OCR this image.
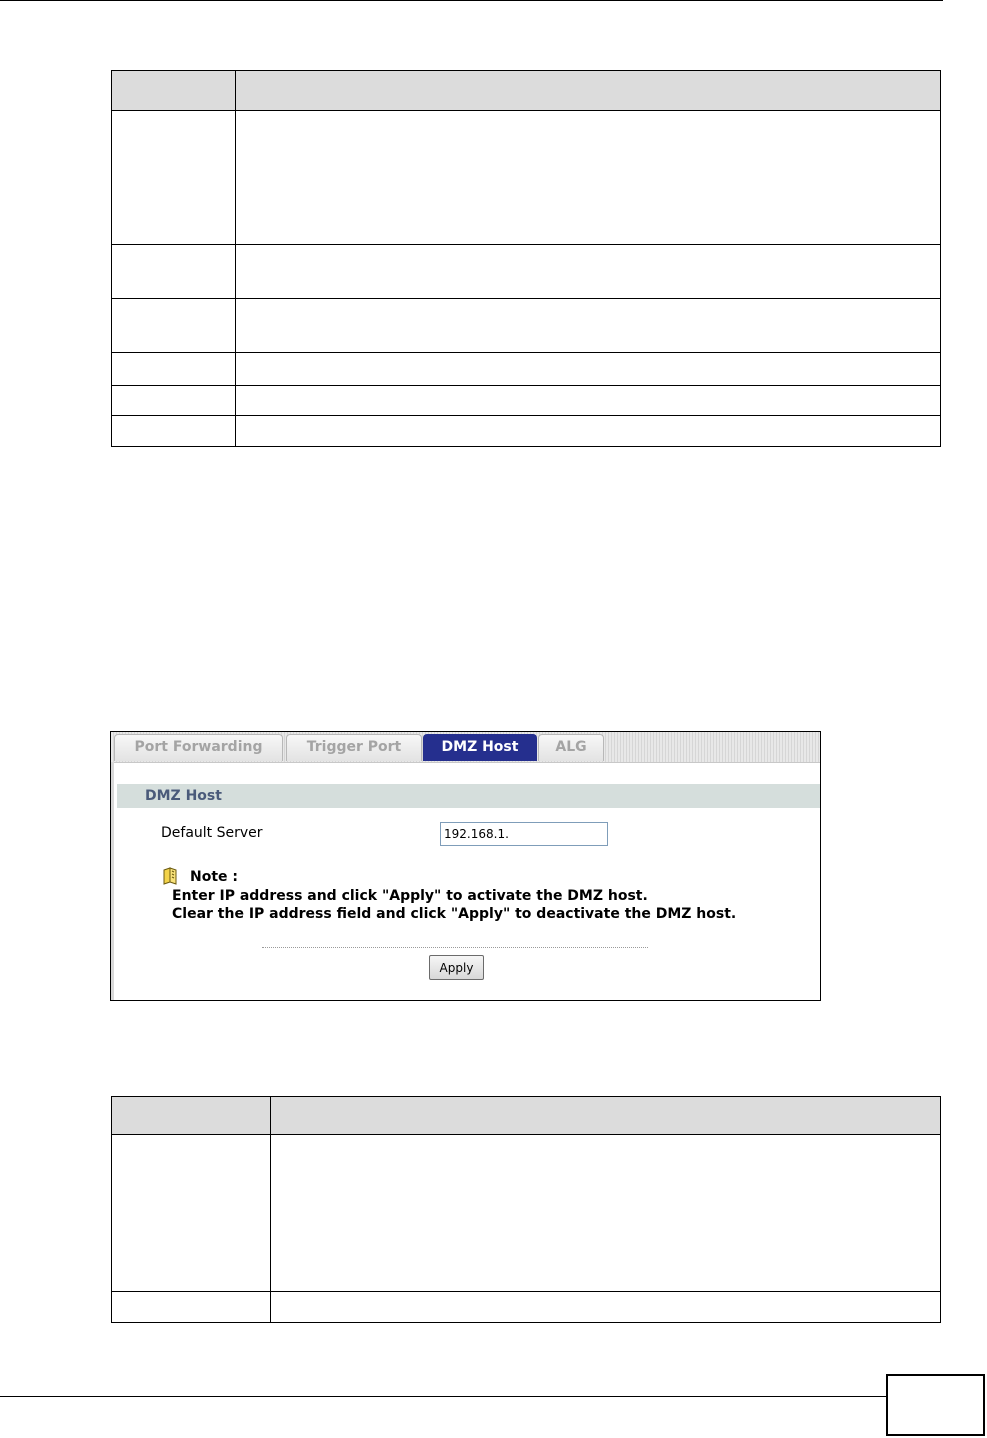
Port Forwarding	Trigger Port	DMZ Host	ALG
DMZ Host
Default Server
192.168.1.
Note :
Enter IP address and click "Apply" to activate the DMZ host.
Clear the IP address field and click "Apply" to deactivate the DMZ host.
Apply
